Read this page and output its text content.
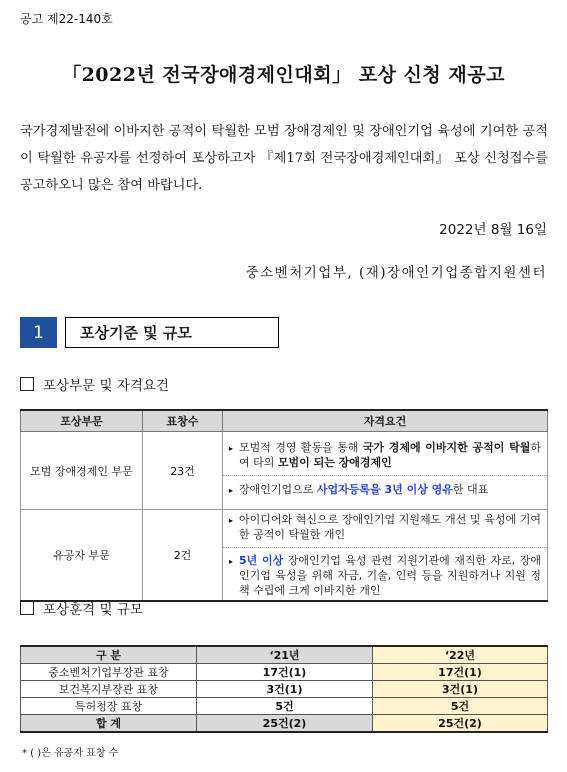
공고 제22-140호
「2022년 전국장애경제인대회」 포상 신청 재공고
국가경제발전에 이바지한 공적이 탁월한 모범 장애경제인 및 장애인기업 육성에 기여한 공적이 탁월한 유공자를 선정하여 포상하고자 『제17회 전국장애경제인대회』 포상 신청접수를 공고하오니 많은 참여 바랍니다.
2022년 8월 16일
중소벤처기업부, (재)장애인기업종합지원센터
1	포상기준 및 규모
포상부문 및 자격요건
포상부문	표창수	자격요건
모범 장애경제인 부문	23건	▸ 모범적 경영 활동을 통해 국가 경제에 이바지한 공적이 탁월하여 타의 모범이 되는 장애경제인
▸ 장애인기업으로 사업자등록을 3년 이상 영유한 대표

유공자 부문	2건	▸ 아이디어와 혁신으로 장애인기업 지원제도 개선 및 육성에 기여한 공적이 탁월한 개인
▸ 5년 이상 장애인기업 육성 관련 지원기관에 재직한 자로, 장애인기업 육성을 위해 자금, 기술, 인력 등을 지원하거나 지원 정책 수립에 크게 이바지한 개인
포상훈격 및 규모
구 분	‘21년	‘22년
중소벤처기업부장관 표창	17건(1)	17건(1)
보건복지부장관 표창	3건(1)	3건(1)
특허청장 표창	5건	5건
합 계	25건(2)	25건(2)
* ( )은 유공자 표창 수
